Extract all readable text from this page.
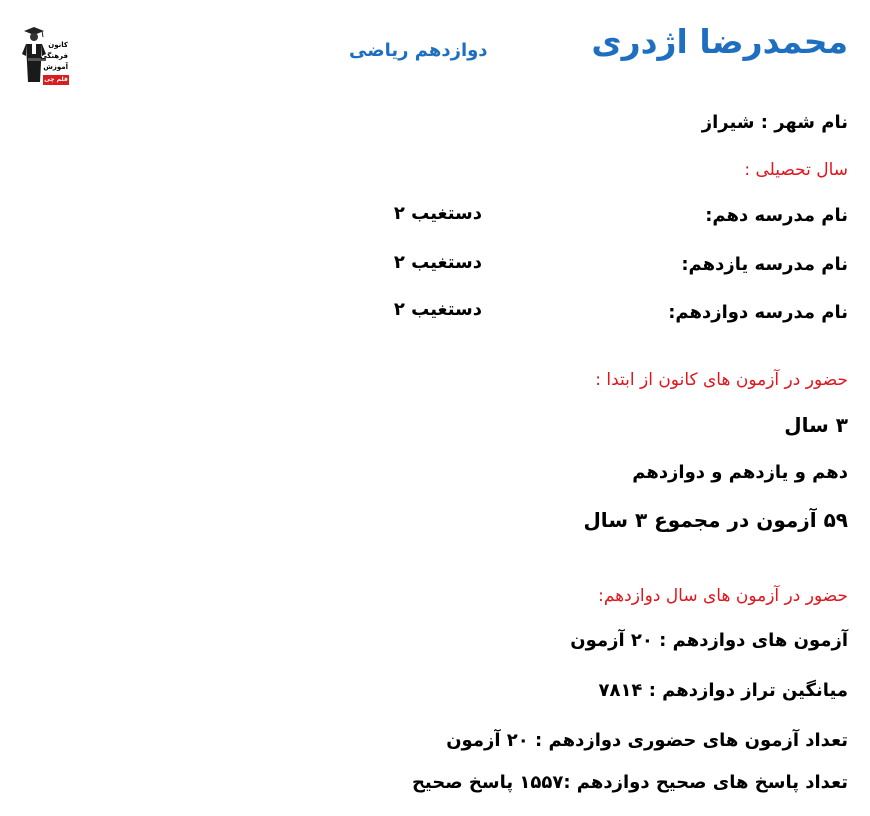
کانون
فرهنگی
آموزش
قلم چی
محمدرضا اژدری
دوازدهم ریاضی
نام شهر : شیراز
سال تحصیلی :
نام مدرسه دهم:
دستغیب ۲
نام مدرسه یازدهم:
دستغیب ۲
نام مدرسه دوازدهم:
دستغیب ۲
حضور در آزمون های کانون از ابتدا :
۳ سال
دهم و یازدهم و دوازدهم
۵۹ آزمون در مجموع ۳ سال
حضور در آزمون های سال دوازدهم:
آزمون های دوازدهم : ۲۰ آزمون
میانگین تراز دوازدهم : ۷۸۱۴
تعداد آزمون های حضوری دوازدهم : ۲۰ آزمون
تعداد پاسخ های صحیح دوازدهم :۱۵۵۷ پاسخ صحیح
